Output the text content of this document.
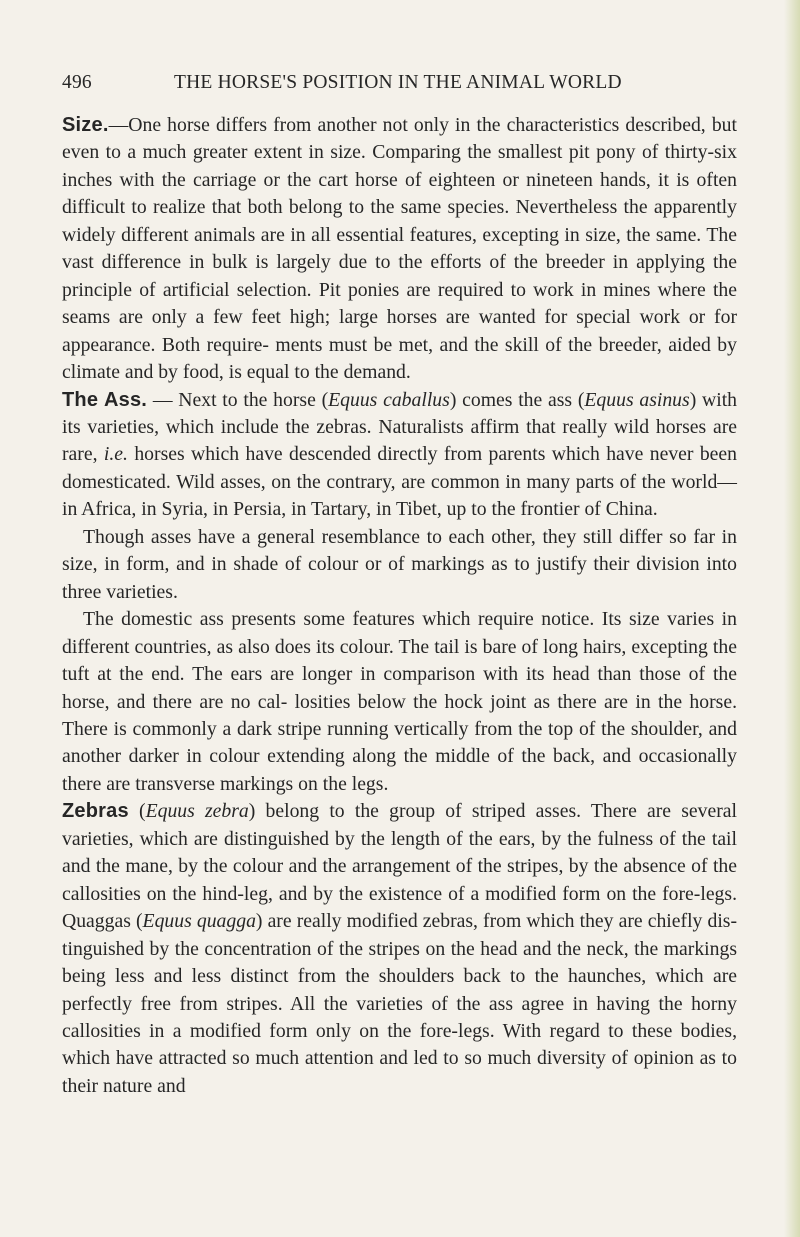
496	THE HORSE'S POSITION IN THE ANIMAL WORLD

Size.—One horse differs from another not only in the characteristics described, but even to a much greater extent in size. Comparing the smallest pit pony of thirty-six inches with the carriage or the cart horse of eighteen or nineteen hands, it is often difficult to realize that both belong to the same species. Nevertheless the apparently widely different animals are in all essential features, excepting in size, the same. The vast difference in bulk is largely due to the efforts of the breeder in applying the principle of artificial selection. Pit ponies are required to work in mines where the seams are only a few feet high; large horses are wanted for special work or for appearance. Both require- ments must be met, and the skill of the breeder, aided by climate and by food, is equal to the demand.

The Ass. — Next to the horse (Equus caballus) comes the ass (Equus asinus) with its varieties, which include the zebras. Naturalists affirm that really wild horses are rare, i.e. horses which have descended directly from parents which have never been domesticated. Wild asses, on the contrary, are common in many parts of the world—in Africa, in Syria, in Persia, in Tartary, in Tibet, up to the frontier of China.

Though asses have a general resemblance to each other, they still differ so far in size, in form, and in shade of colour or of markings as to justify their division into three varieties.

The domestic ass presents some features which require notice. Its size varies in different countries, as also does its colour. The tail is bare of long hairs, excepting the tuft at the end. The ears are longer in comparison with its head than those of the horse, and there are no cal- losities below the hock joint as there are in the horse. There is commonly a dark stripe running vertically from the top of the shoulder, and another darker in colour extending along the middle of the back, and occasionally there are transverse markings on the legs.

Zebras (Equus zebra) belong to the group of striped asses. There are several varieties, which are distinguished by the length of the ears, by the fulness of the tail and the mane, by the colour and the arrangement of the stripes, by the absence of the callosities on the hind-leg, and by the existence of a modified form on the fore-legs. Quaggas (Equus quagga) are really modified zebras, from which they are chiefly dis- tinguished by the concentration of the stripes on the head and the neck, the markings being less and less distinct from the shoulders back to the haunches, which are perfectly free from stripes. All the varieties of the ass agree in having the horny callosities in a modified form only on the fore-legs. With regard to these bodies, which have attracted so much attention and led to so much diversity of opinion as to their nature and
